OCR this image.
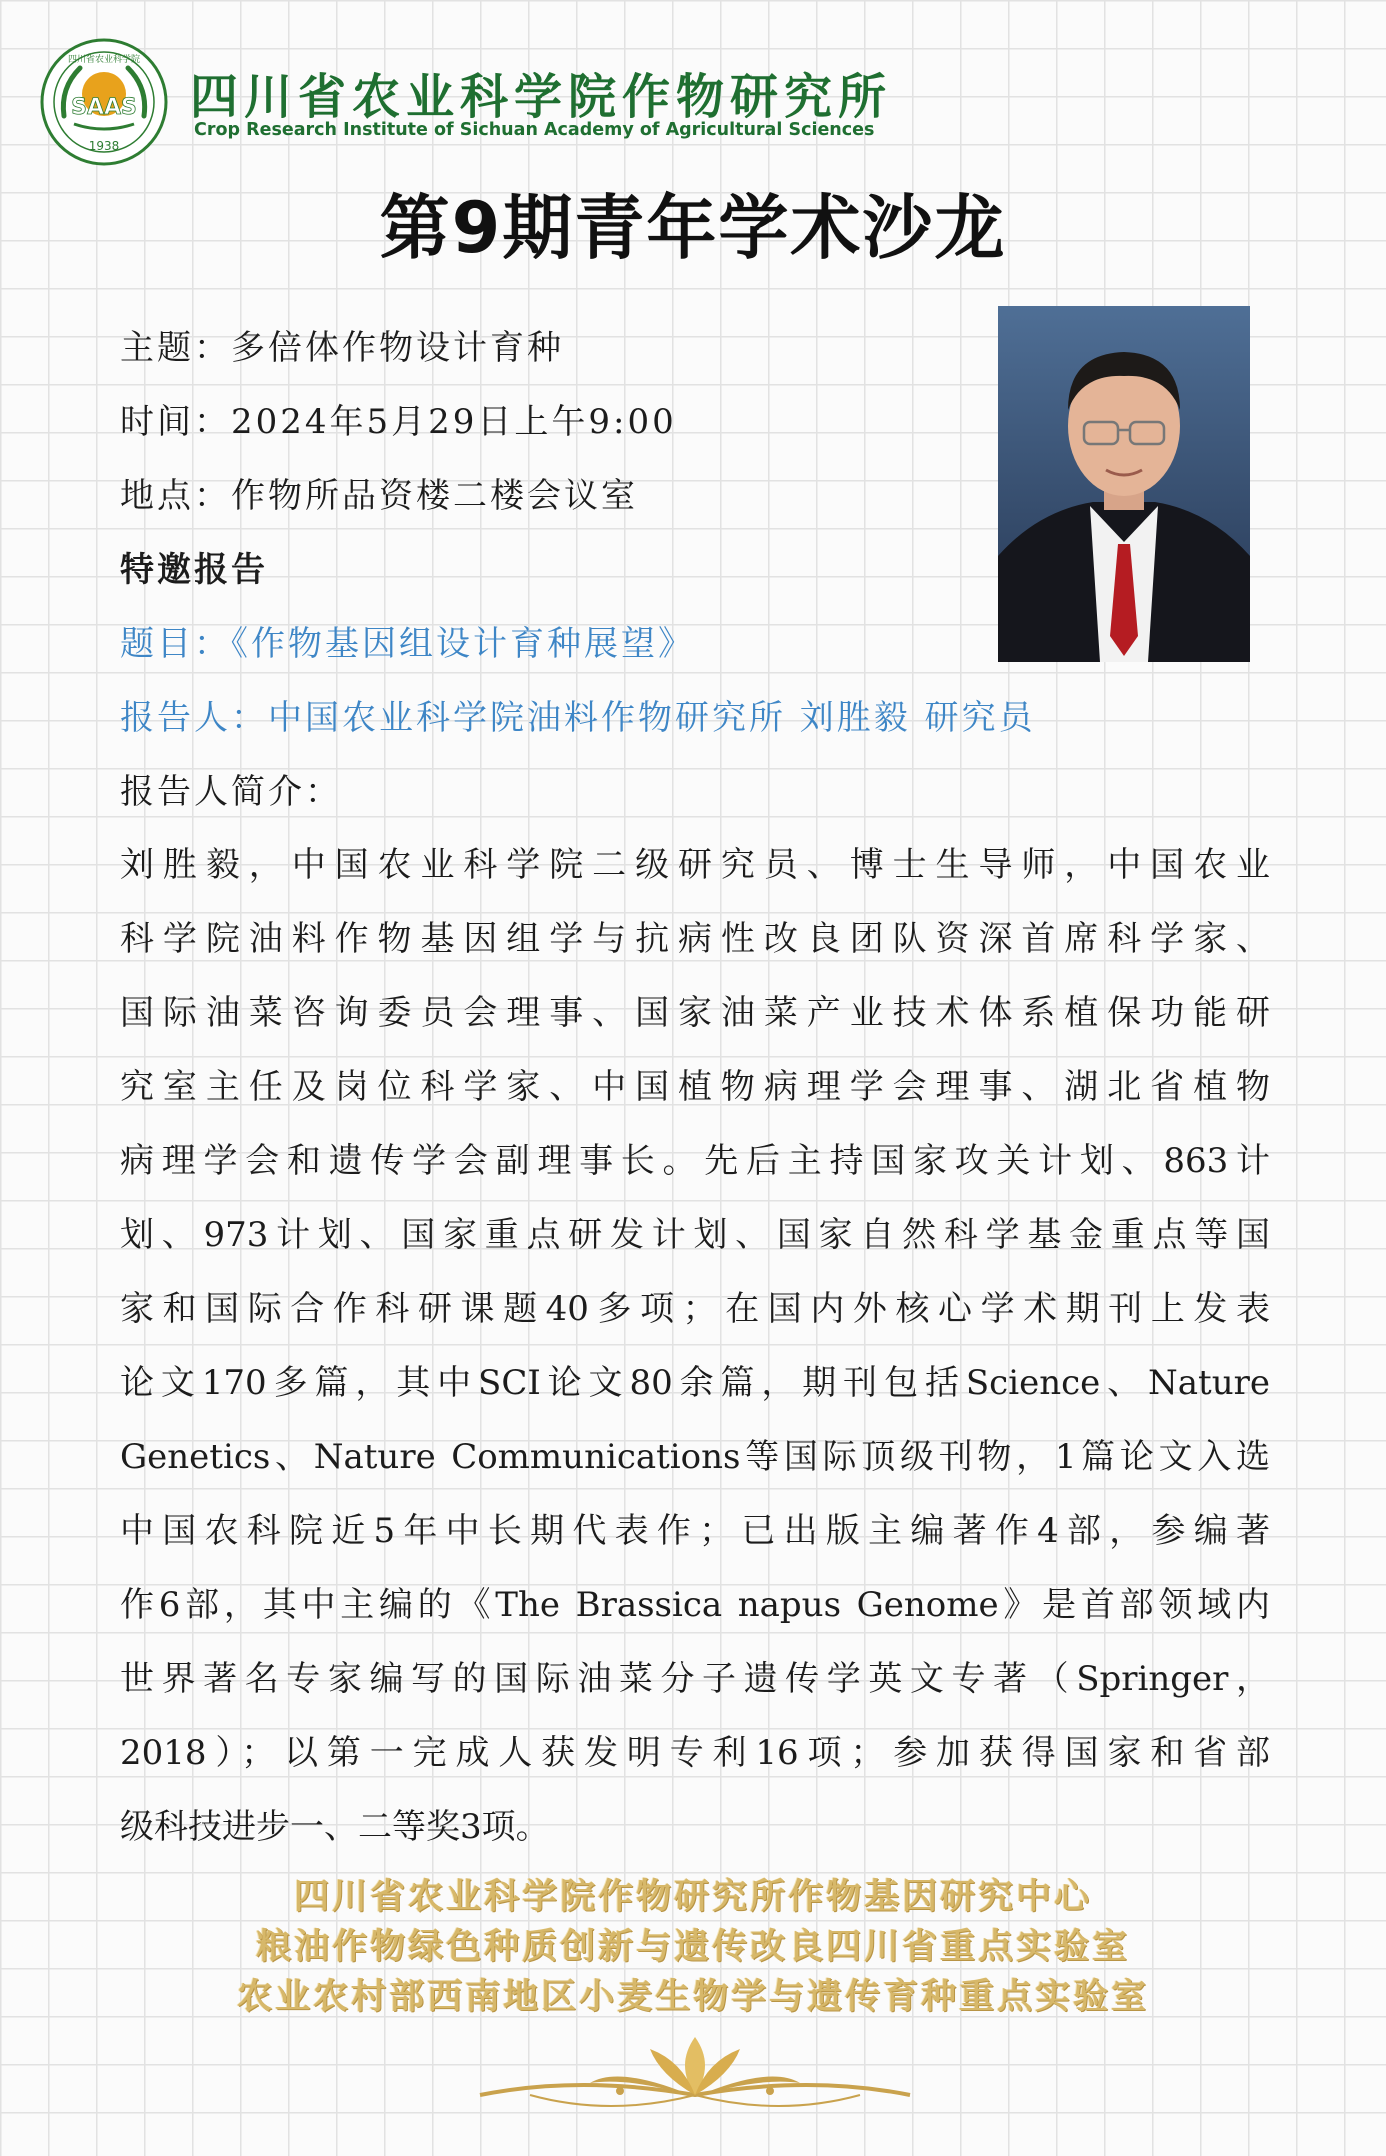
四川省农业科学院
SAAS
1938
四川省农业科学院作物研究所
Crop Research Institute of Sichuan Academy of Agricultural Sciences
第9期青年学术沙龙
主题：多倍体作物设计育种
时间：2024年5月29日上午9:00
地点：作物所品资楼二楼会议室
特邀报告
题目：《作物基因组设计育种展望》
报告人：中国农业科学院油料作物研究所 刘胜毅 研究员
报告人简介：
刘胜毅，中国农业科学院二级研究员、博士生导师，中国农业
科学院油料作物基因组学与抗病性改良团队资深首席科学家、
国际油菜咨询委员会理事、国家油菜产业技术体系植保功能研
究室主任及岗位科学家、中国植物病理学会理事、湖北省植物
病理学会和遗传学会副理事长。先后主持国家攻关计划、863计
划、973计划、国家重点研发计划、国家自然科学基金重点等国
家和国际合作科研课题40多项；在国内外核心学术期刊上发表
论文170多篇，其中SCI论文80余篇，期刊包括Science、Nature
Genetics、Nature Communications等国际顶级刊物，1篇论文入选
中国农科院近5年中长期代表作；已出版主编著作4部，参编著
作6部，其中主编的《The Brassica napus Genome》是首部领域内
世界著名专家编写的国际油菜分子遗传学英文专著（Springer，
2018）；以第一完成人获发明专利16项；参加获得国家和省部
级科技进步一、二等奖3项。
四川省农业科学院作物研究所作物基因研究中心
粮油作物绿色种质创新与遗传改良四川省重点实验室
农业农村部西南地区小麦生物学与遗传育种重点实验室
